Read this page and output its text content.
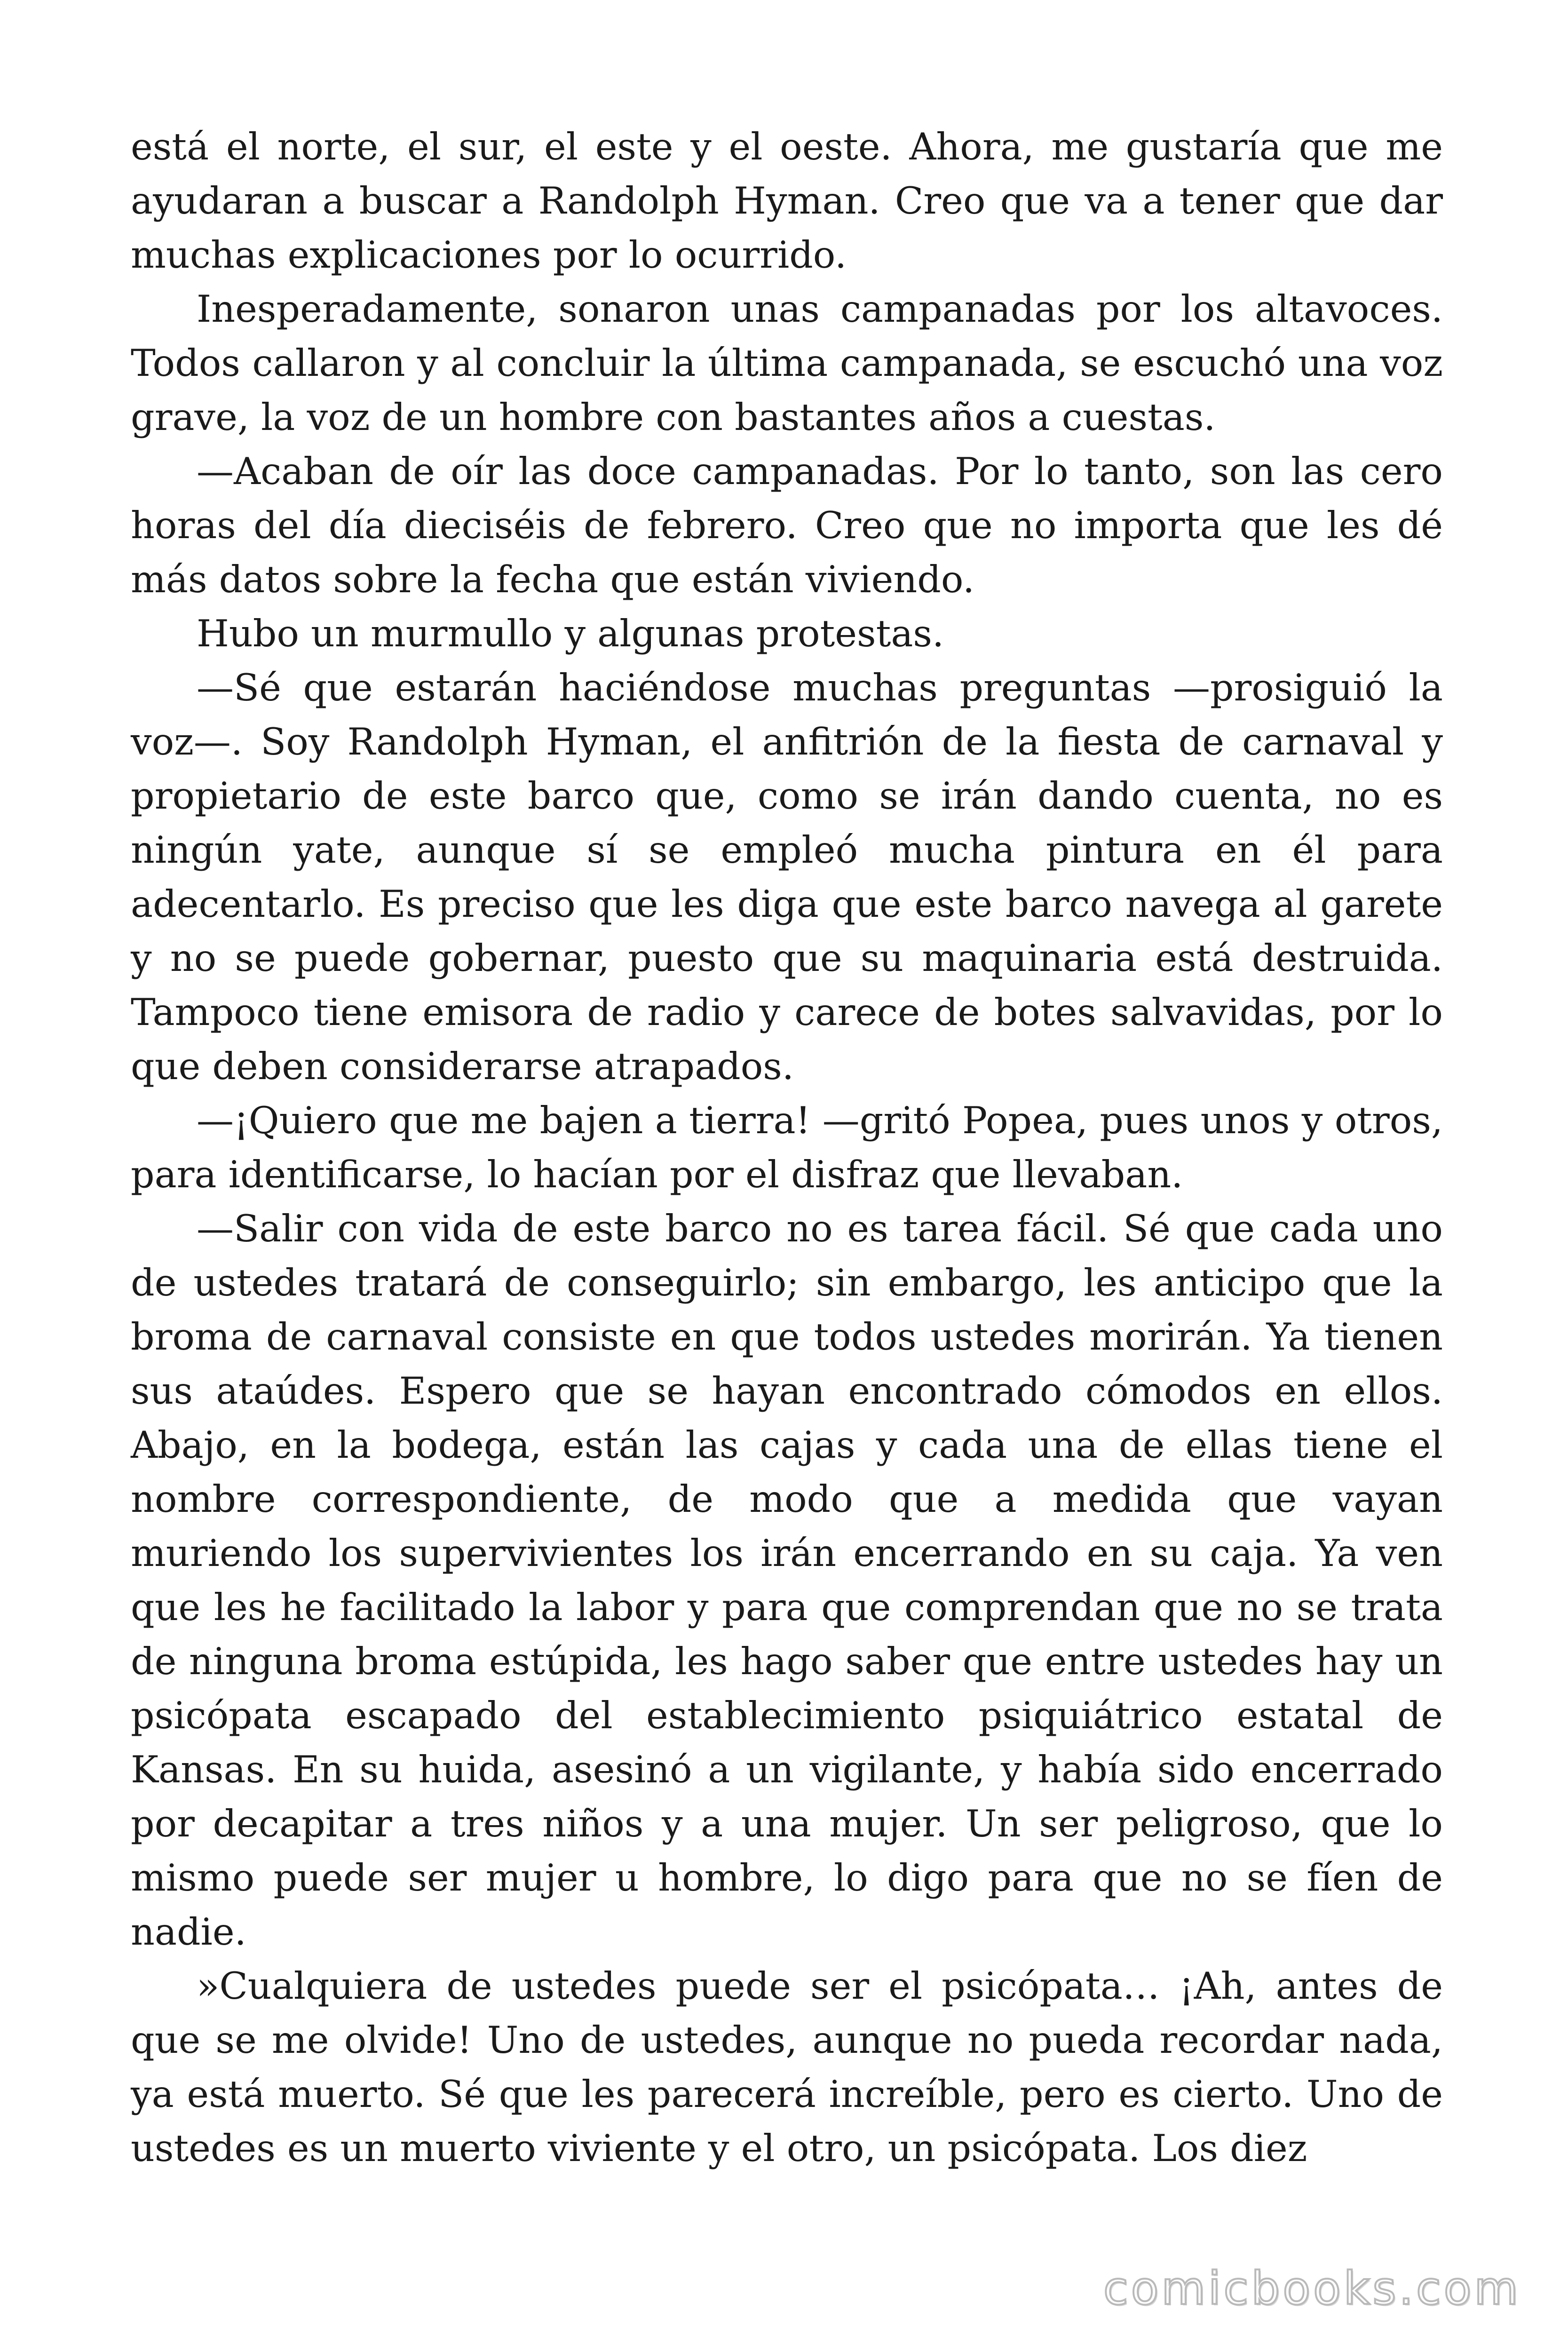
está el norte, el sur, el este y el oeste. Ahora, me gustaría que me ayudaran a buscar a Randolph Hyman. Creo que va a tener que dar muchas explicaciones por lo ocurrido.

Inesperadamente, sonaron unas campanadas por los altavoces. Todos callaron y al concluir la última campanada, se escuchó una voz grave, la voz de un hombre con bastantes años a cuestas.

—Acaban de oír las doce campanadas. Por lo tanto, son las cero horas del día dieciséis de febrero. Creo que no importa que les dé más datos sobre la fecha que están viviendo.

Hubo un murmullo y algunas protestas.

—Sé que estarán haciéndose muchas preguntas —prosiguió la voz—. Soy Randolph Hyman, el anfitrión de la fiesta de carnaval y propietario de este barco que, como se irán dando cuenta, no es ningún yate, aunque sí se empleó mucha pintura en él para adecentarlo. Es preciso que les diga que este barco navega al garete y no se puede gobernar, puesto que su maquinaria está destruida. Tampoco tiene emisora de radio y carece de botes salvavidas, por lo que deben considerarse atrapados.

—¡Quiero que me bajen a tierra! —gritó Popea, pues unos y otros, para identificarse, lo hacían por el disfraz que llevaban.

—Salir con vida de este barco no es tarea fácil. Sé que cada uno de ustedes tratará de conseguirlo; sin embargo, les anticipo que la broma de carnaval consiste en que todos ustedes morirán. Ya tienen sus ataúdes. Espero que se hayan encontrado cómodos en ellos. Abajo, en la bodega, están las cajas y cada una de ellas tiene el nombre correspondiente, de modo que a medida que vayan muriendo los supervivientes los irán encerrando en su caja. Ya ven que les he facilitado la labor y para que comprendan que no se trata de ninguna broma estúpida, les hago saber que entre ustedes hay un psicópata escapado del establecimiento psiquiátrico estatal de Kansas. En su huida, asesinó a un vigilante, y había sido encerrado por decapitar a tres niños y a una mujer. Un ser peligroso, que lo mismo puede ser mujer u hombre, lo digo para que no se fíen de nadie.

»Cualquiera de ustedes puede ser el psicópata… ¡Ah, antes de que se me olvide! Uno de ustedes, aunque no pueda recordar nada, ya está muerto. Sé que les parecerá increíble, pero es cierto. Uno de ustedes es un muerto viviente y el otro, un psicópata. Los diez

comicbooks.com
